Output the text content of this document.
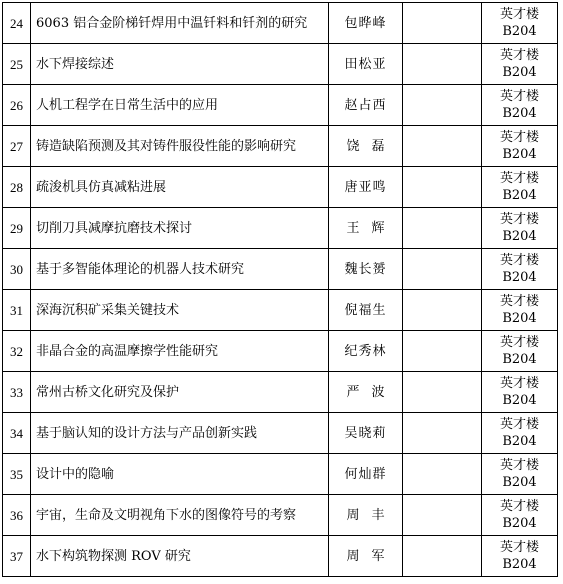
24	6063 铝合金阶梯钎焊用中温钎料和钎剂的研究	包晔峰		英才楼
B204

25	水下焊接综述	田松亚		英才楼
B204

26	人机工程学在日常生活中的应用	赵占西		英才楼
B204

27	铸造缺陷预测及其对铸件服役性能的影响研究	饶磊		英才楼
B204

28	疏浚机具仿真减粘进展	唐亚鸣		英才楼
B204

29	切削刀具减摩抗磨技术探讨	王辉		英才楼
B204

30	基于多智能体理论的机器人技术研究	魏长赟		英才楼
B204

31	深海沉积矿采集关键技术	倪福生		英才楼
B204

32	非晶合金的高温摩擦学性能研究	纪秀林		英才楼
B204

33	常州古桥文化研究及保护	严波		英才楼
B204

34	基于脑认知的设计方法与产品创新实践	吴晓莉		英才楼
B204

35	设计中的隐喻	何灿群		英才楼
B204

36	宇宙，生命及文明视角下水的图像符号的考察	周丰		英才楼
B204

37	水下构筑物探测 ROV 研究	周军		英才楼
B204
